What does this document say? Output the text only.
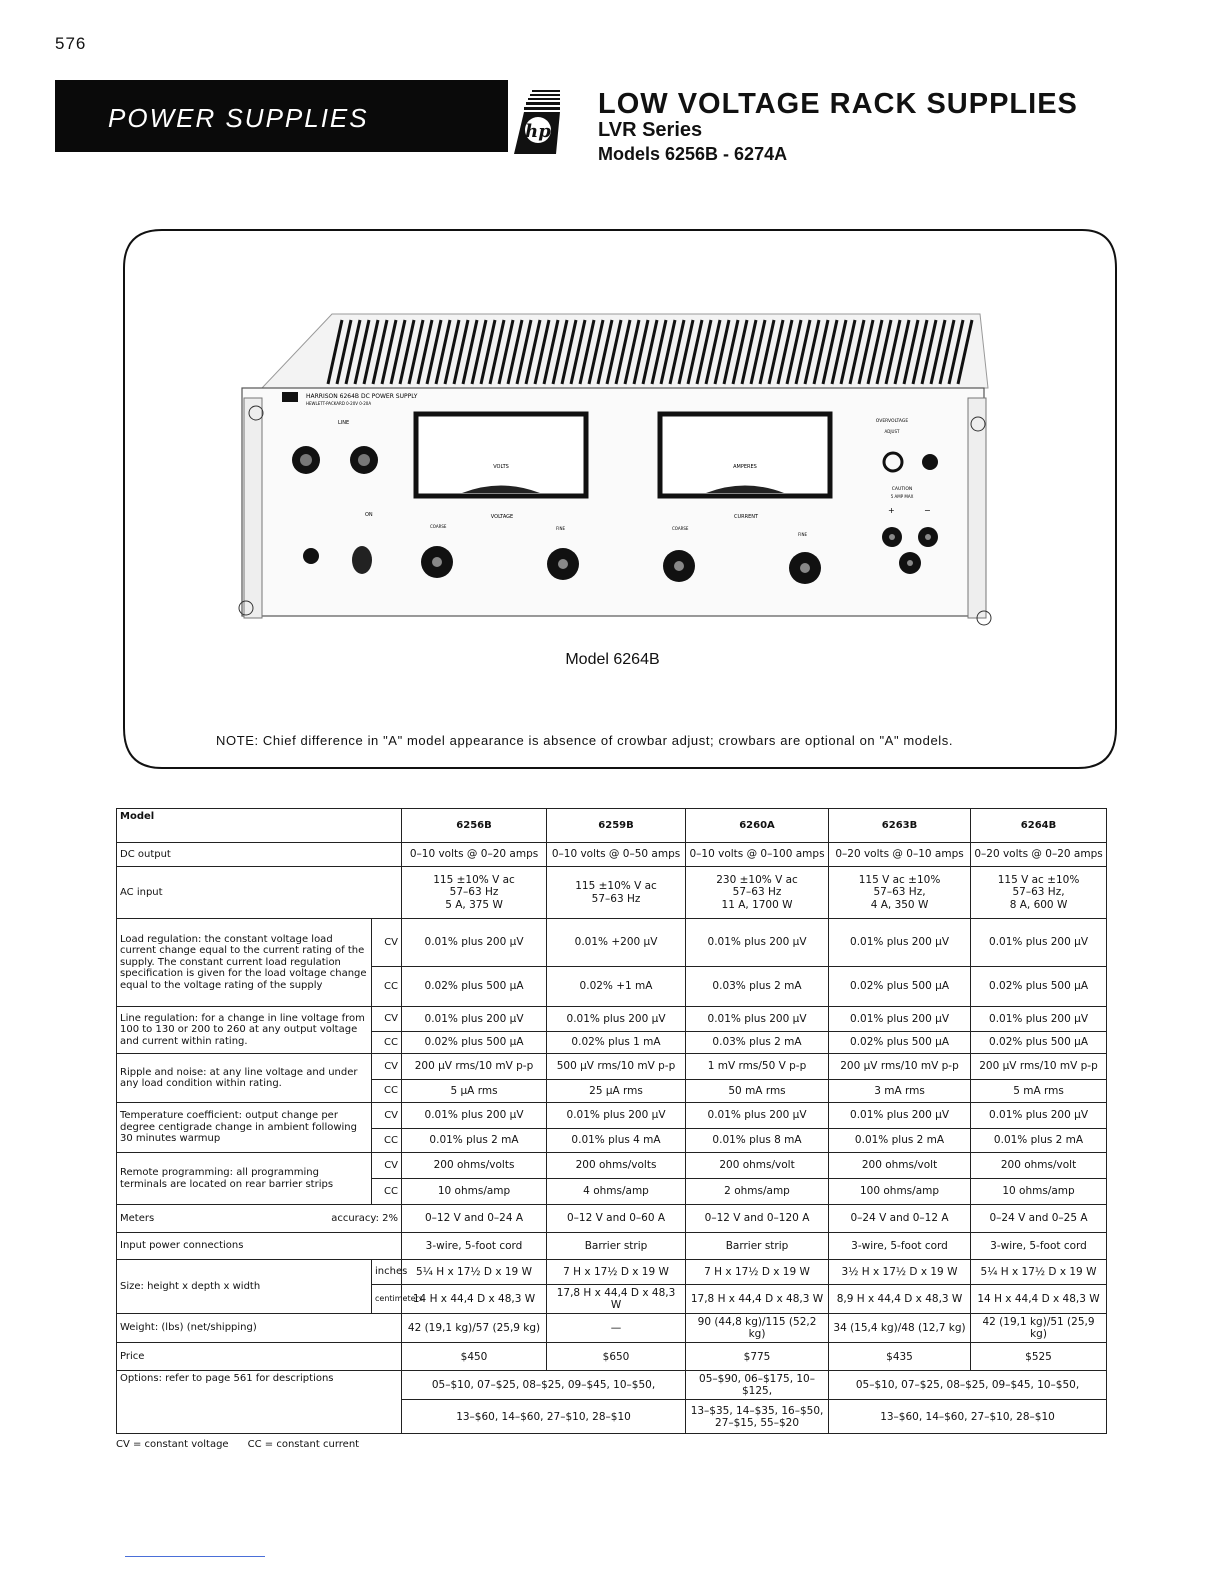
576
POWER SUPPLIES	hp
LOW VOLTAGE RACK SUPPLIES
LVR Series
Models 6256B - 6274A
HARRISON 6264B DC POWER SUPPLY
HEWLETT-PACKARD 0-20V 0-20A
LINE
VOLTS	AMPERES
ON	VOLTAGE	CURRENT
COARSE	FINE	COARSE
FINE
OVERVOLTAGE
ADJUST
CAUTION
5 AMP MAX
+	−
Model 6264B
NOTE: Chief difference in "A" model appearance is absence of crowbar adjust; crowbars are optional on "A" models.
Model		6256B	6259B	6260A	6263B	6264B
DC output		0–10 volts @ 0–20 amps	0–10 volts @ 0–50 amps	0–10 volts @ 0–100 amps	0–20 volts @ 0–10 amps	0–20 volts @ 0–20 amps
AC input		115 ±10% V ac
57–63 Hz
5 A, 375 W	115 ±10% V ac
57–63 Hz	230 ±10% V ac
57–63 Hz
11 A, 1700 W	115 V ac ±10%
57–63 Hz,
4 A, 350 W	115 V ac ±10%
57–63 Hz,
8 A, 600 W
Load regulation: the constant voltage load current change equal to the current rating of the supply. The constant current load regulation specification is given for the load voltage change equal to the voltage rating of the supply	CV	0.01% plus 200 μV	0.01% +200 μV	0.01% plus 200 μV	0.01% plus 200 μV	0.01% plus 200 μV
	CC	0.02% plus 500 μA	0.02% +1 mA	0.03% plus 2 mA	0.02% plus 500 μA	0.02% plus 500 μA
Line regulation: for a change in line voltage from 100 to 130 or 200 to 260 at any output voltage and current within rating.	CV	0.01% plus 200 μV	0.01% plus 200 μV	0.01% plus 200 μV	0.01% plus 200 μV	0.01% plus 200 μV
	CC	0.02% plus 500 μA	0.02% plus 1 mA	0.03% plus 2 mA	0.02% plus 500 μA	0.02% plus 500 μA
Ripple and noise: at any line voltage and under any load condition within rating.	CV	200 μV rms/10 mV p-p	500 μV rms/10 mV p-p	1 mV rms/50 V p-p	200 μV rms/10 mV p-p	200 μV rms/10 mV p-p
	CC	5 μA rms	25 μA rms	50 mA rms	3 mA rms	5 mA rms
Temperature coefficient: output change per degree centigrade change in ambient following 30 minutes warmup	CV	0.01% plus 200 μV	0.01% plus 200 μV	0.01% plus 200 μV	0.01% plus 200 μV	0.01% plus 200 μV
	CC	0.01% plus 2 mA	0.01% plus 4 mA	0.01% plus 8 mA	0.01% plus 2 mA	0.01% plus 2 mA
Remote programming: all programming terminals are located on rear barrier strips	CV	200 ohms/volts	200 ohms/volts	200 ohms/volt	200 ohms/volt	200 ohms/volt
	CC	10 ohms/amp	4 ohms/amp	2 ohms/amp	100 ohms/amp	10 ohms/amp
Meters accuracy: 2%		0–12 V and 0–24 A	0–12 V and 0–60 A	0–12 V and 0–120 A	0–24 V and 0–12 A	0–24 V and 0–25 A
Input power connections		3-wire, 5-foot cord	Barrier strip	Barrier strip	3-wire, 5-foot cord	3-wire, 5-foot cord
Size: height x depth x width	inches	5¼ H x 17½ D x 19 W	7 H x 17½ D x 19 W	7 H x 17½ D x 19 W	3½ H x 17½ D x 19 W	5¼ H x 17½ D x 19 W
	centimeters	14 H x 44,4 D x 48,3 W	17,8 H x 44,4 D x 48,3 W	17,8 H x 44,4 D x 48,3 W	8,9 H x 44,4 D x 48,3 W	14 H x 44,4 D x 48,3 W
Weight: (lbs) (net/shipping)		42 (19,1 kg)/57 (25,9 kg)	—	90 (44,8 kg)/115 (52,2 kg)	34 (15,4 kg)/48 (12,7 kg)	42 (19,1 kg)/51 (25,9 kg)
Price		$450	$650	$775	$435	$525
Options: refer to page 561 for descriptions		05–$10, 07–$25, 08–$25, 09–$45, 10–$50,		05–$90, 06–$175, 10–$125,	05–$10, 07–$25, 08–$25, 09–$45, 10–$50,	
		13–$60, 14–$60, 27–$10, 28–$10		13–$35, 14–$35, 16–$50,
27–$15, 55–$20	13–$60, 14–$60, 27–$10, 28–$10	
CV = constant voltage      CC = constant current
